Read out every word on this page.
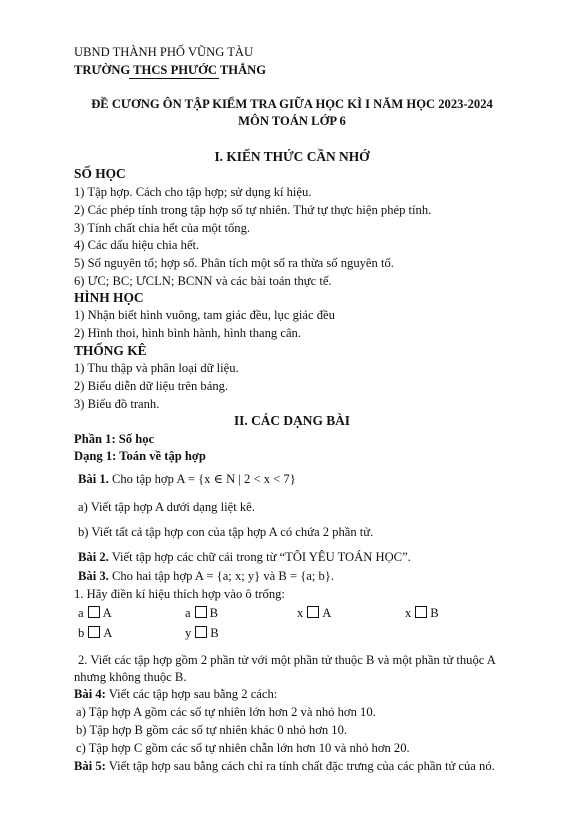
UBND THÀNH PHỐ VŨNG TÀU
TRƯỜNG THCS PHƯỚC THẮNG
ĐỀ CƯƠNG ÔN TẬP KIỂM TRA GIỮA HỌC KÌ I NĂM HỌC 2023-2024
MÔN TOÁN LỚP 6
I. KIẾN THỨC CẦN NHỚ
SỐ HỌC
1) Tập hợp. Cách cho tập hợp; sử dụng kí hiệu.
2) Các phép tính trong tập hợp số tự nhiên. Thứ tự thực hiện phép tính.
3) Tính chất chia hết của một tổng.
4) Các dấu hiệu chia hết.
5) Số nguyên tố; hợp số. Phân tích một số ra thừa số nguyên tố.
6) ƯC; BC; ƯCLN; BCNN và các bài toán thực tế.
HÌNH HỌC
1) Nhận biết hình vuông, tam giác đều, lục giác đều
2) Hình thoi, hình bình hành, hình thang cân.
THỐNG KÊ
1) Thu thập và phân loại dữ liệu.
2) Biểu diễn dữ liệu trên bảng.
3) Biểu đồ tranh.
II. CÁC DẠNG BÀI
Phần 1: Số học
Dạng 1: Toán về tập hợp
Bài 1. Cho tập hợp A = {x ∈ N | 2 < x < 7}
a) Viết tập hợp A dưới dạng liệt kê.
b) Viết tất cả tập hợp con của tập hợp A có chứa 2 phần tử.
Bài 2. Viết tập hợp các chữ cái trong từ “TÔI YÊU TOÁN HỌC”.
Bài 3. Cho hai tập hợp A = {a; x; y} và B = {a; b}.
1. Hãy điền kí hiệu thích hợp vào ô trống:
a A	a B	x A	x B
b A	y B
2. Viết các tập hợp gồm 2 phần tử với một phần tử thuộc B và một phần tử thuộc A
nhưng không thuộc B.
Bài 4: Viết các tập hợp sau bằng 2 cách:
a) Tập hợp A gồm các số tự nhiên lớn hơn 2 và nhỏ hơn 10.
b) Tập hợp B gồm các số tự nhiên khác 0 nhỏ hơn 10.
c) Tập hợp C gồm các số tự nhiên chẵn lớn hơn 10 và nhỏ hơn 20.
Bài 5: Viết tập hợp sau bằng cách chỉ ra tính chất đặc trưng của các phần tử của nó.
